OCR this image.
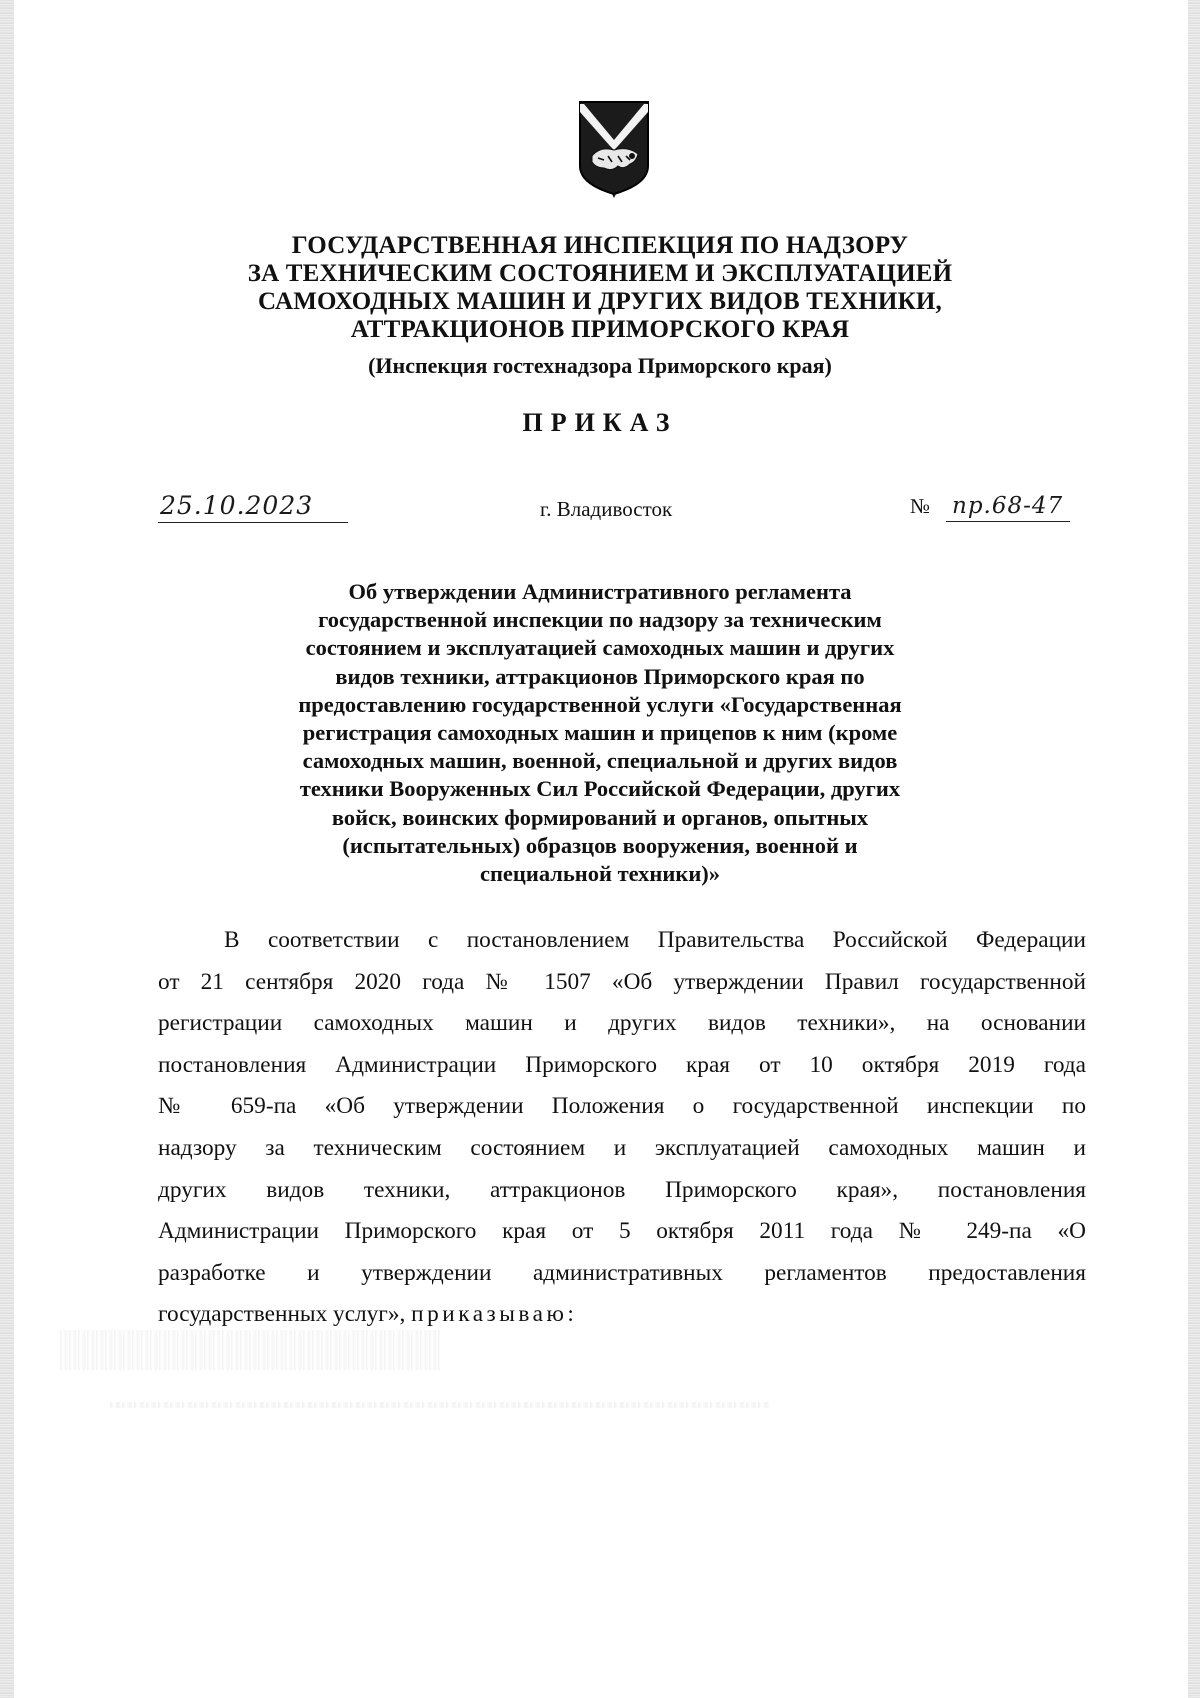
ГОСУДАРСТВЕННАЯ ИНСПЕКЦИЯ ПО НАДЗОРУ
ЗА ТЕХНИЧЕСКИМ СОСТОЯНИЕМ И ЭКСПЛУАТАЦИЕЙ
САМОХОДНЫХ МАШИН И ДРУГИХ ВИДОВ ТЕХНИКИ,
АТТРАКЦИОНОВ ПРИМОРСКОГО КРАЯ
(Инспекция гостехнадзора Приморского края)
ПРИКАЗ
25.10.2023	г. Владивосток	№ пр.68-47
Об утверждении Административного регламента
государственной инспекции по надзору за техническим
состоянием и эксплуатацией самоходных машин и других
видов техники, аттракционов Приморского края по
предоставлению государственной услуги «Государственная
регистрация самоходных машин и прицепов к ним (кроме
самоходных машин, военной, специальной и других видов
техники Вооруженных Сил Российской Федерации, других
войск, воинских формирований и органов, опытных
(испытательных) образцов вооружения, военной и
специальной техники)»
В соответствии с постановлением Правительства Российской Федерации
от 21 сентября 2020 года № 1507 «Об утверждении Правил государственной
регистрации самоходных машин и других видов техники», на основании
постановления Администрации Приморского края от 10 октября 2019 года
№ 659-па «Об утверждении Положения о государственной инспекции по
надзору за техническим состоянием и эксплуатацией самоходных машин и
других видов техники, аттракционов Приморского края», постановления
Администрации Приморского края от 5 октября 2011 года № 249-па «О
разработке и утверждении административных регламентов предоставления
государственных услуг», приказываю:
